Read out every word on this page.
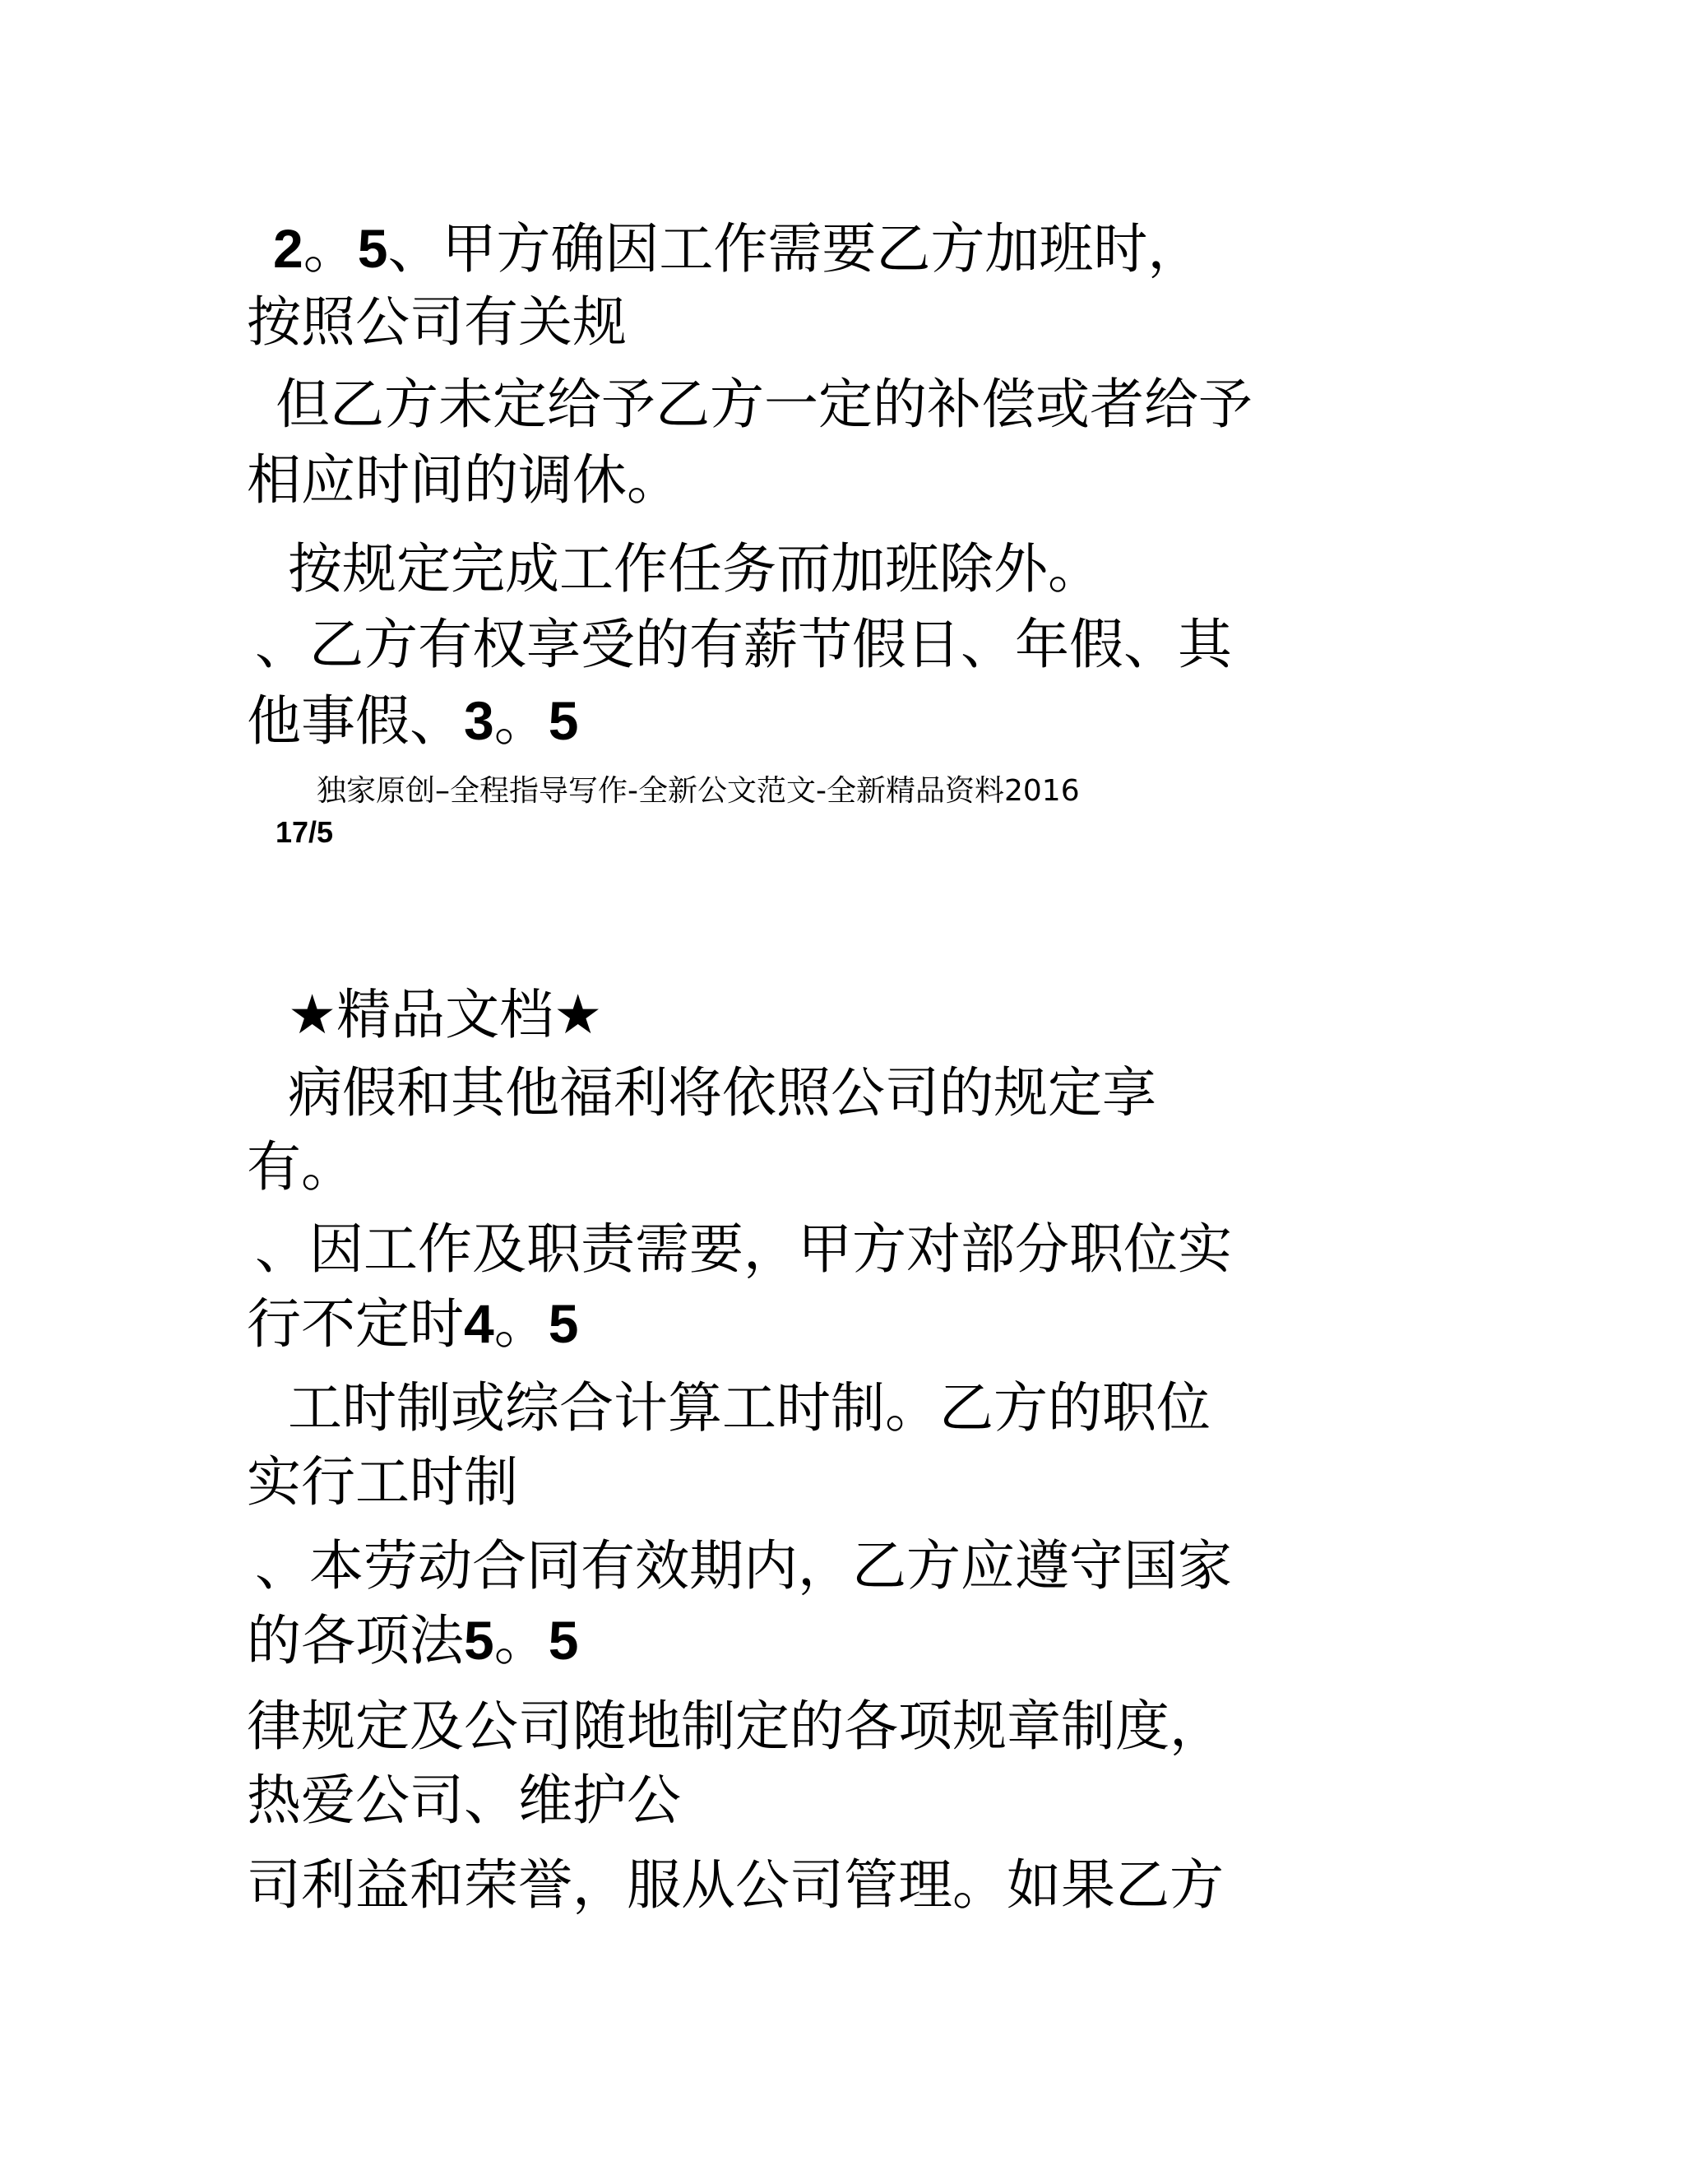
2。5、甲方确因工作需要乙方加班时，
按照公司有关规
但乙方未定给予乙方一定的补偿或者给予
相应时间的调休。
按规定完成工作任务而加班除外。
、乙方有权享受的有薪节假日、年假、其
他事假、3。5
独家原创–全程指导写作-全新公文范文-全新精品资料2016
17/5
★精品文档★
病假和其他福利将依照公司的规定享
有。
、因工作及职责需要，甲方对部分职位实
行不定时4。5
工时制或综合计算工时制。乙方的职位
实行工时制
、本劳动合同有效期内，乙方应遵守国家
的各项法5。5
律规定及公司随地制定的各项规章制度，
热爱公司、维护公
司利益和荣誉，服从公司管理。如果乙方
